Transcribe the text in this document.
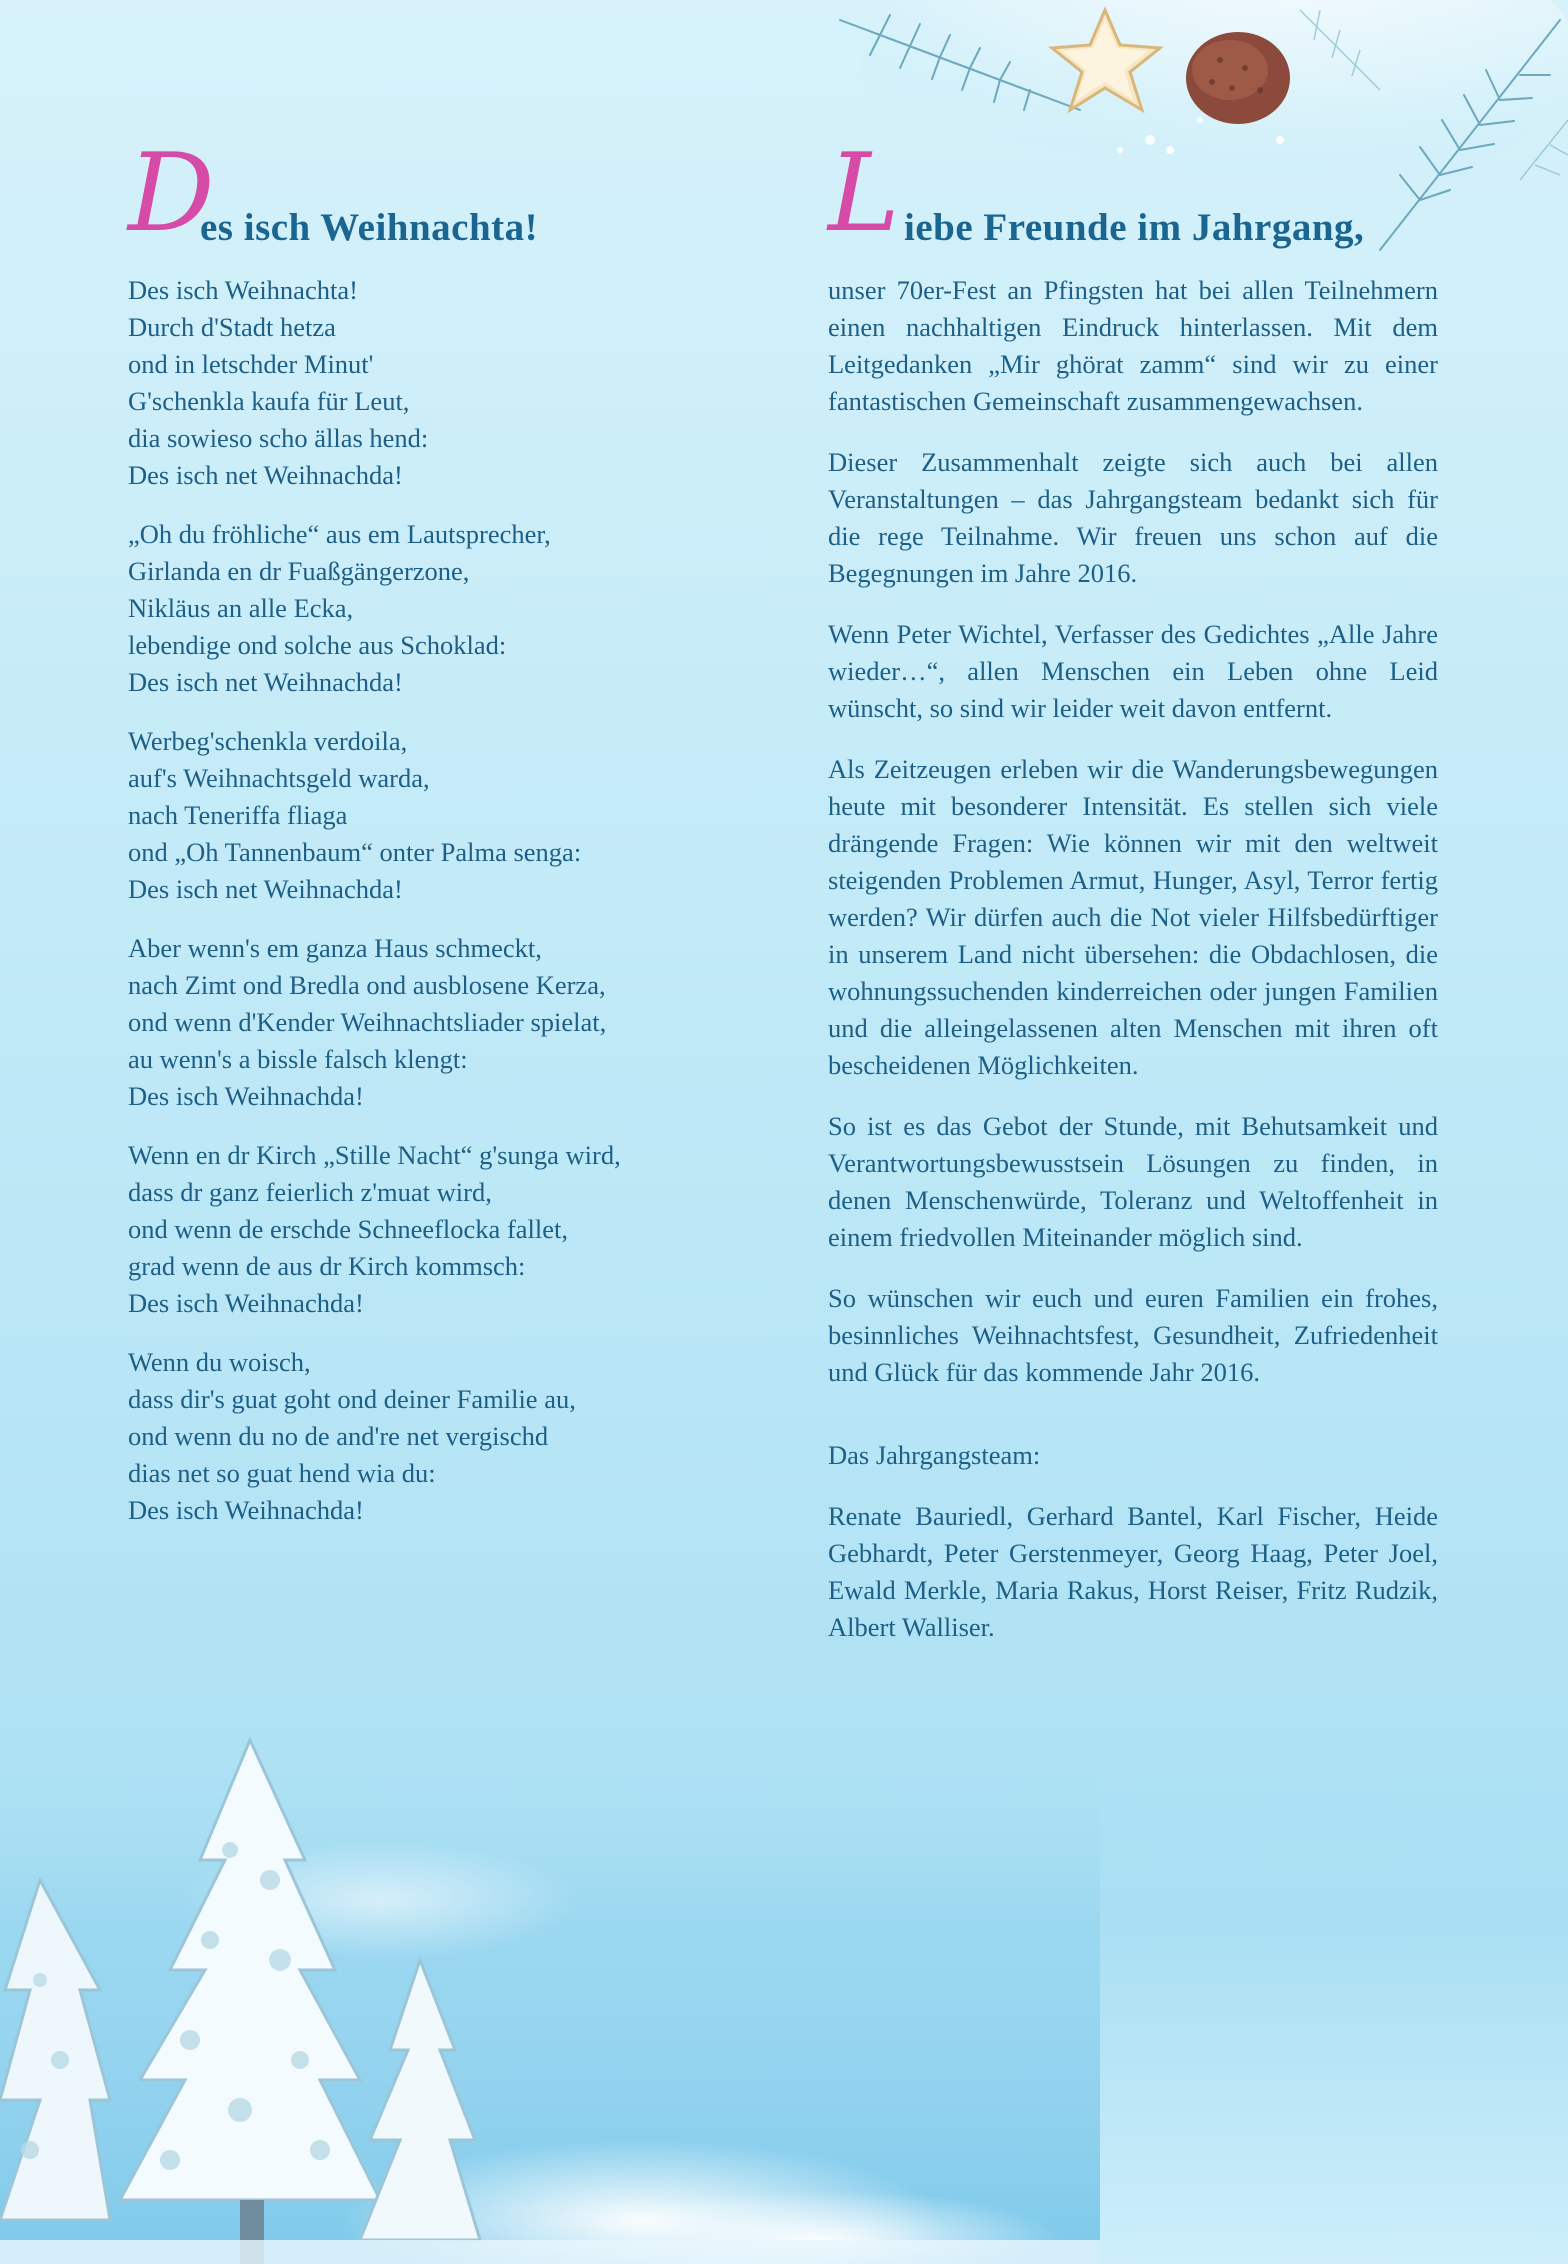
D
es isch Weihnachta!
Des isch Weihnachta!
Durch d'Stadt hetza
ond in letschder Minut'
G'schenkla kaufa für Leut,
dia sowieso scho ällas hend:
Des isch net Weihnachda!
„Oh du fröhliche“ aus em Lautsprecher,
Girlanda en dr Fuaßgängerzone,
Nikläus an alle Ecka,
lebendige ond solche aus Schoklad:
Des isch net Weihnachda!
Werbeg'schenkla verdoila,
auf's Weihnachtsgeld warda,
nach Teneriffa fliaga
ond „Oh Tannenbaum“ onter Palma senga:
Des isch net Weihnachda!
Aber wenn's em ganza Haus schmeckt,
nach Zimt ond Bredla ond ausblosene Kerza,
ond wenn d'Kender Weihnachtsliader spielat,
au wenn's a bissle falsch klengt:
Des isch Weihnachda!
Wenn en dr Kirch „Stille Nacht“ g'sunga wird,
dass dr ganz feierlich z'muat wird,
ond wenn de erschde Schneeflocka fallet,
grad wenn de aus dr Kirch kommsch:
Des isch Weihnachda!
Wenn du woisch,
dass dir's guat goht ond deiner Familie au,
ond wenn du no de and're net vergischd
dias net so guat hend wia du:
Des isch Weihnachda!
L iebe Freunde im Jahrgang,

unser 70er-Fest an Pfingsten hat bei allen Teilnehmern einen nachhaltigen Eindruck hinterlassen. Mit dem Leitgedanken „Mir ghörat zamm“ sind wir zu einer fantastischen Gemeinschaft zusammengewachsen.

Dieser Zusammenhalt zeigte sich auch bei allen Veranstaltungen – das Jahrgangsteam bedankt sich für die rege Teilnahme. Wir freuen uns schon auf die Begegnungen im Jahre 2016.

Wenn Peter Wichtel, Verfasser des Gedichtes „Alle Jahre wieder…“, allen Menschen ein Leben ohne Leid wünscht, so sind wir leider weit davon entfernt.

Als Zeitzeugen erleben wir die Wanderungsbewegungen heute mit besonderer Intensität. Es stellen sich viele drängende Fragen: Wie können wir mit den weltweit steigenden Problemen Armut, Hunger, Asyl, Terror fertig werden? Wir dürfen auch die Not vieler Hilfsbedürftiger in unserem Land nicht übersehen: die Obdachlosen, die wohnungssuchenden kinderreichen oder jungen Familien und die alleingelassenen alten Menschen mit ihren oft bescheidenen Möglichkeiten.

So ist es das Gebot der Stunde, mit Behutsamkeit und Verantwortungsbewusstsein Lösungen zu finden, in denen Menschenwürde, Toleranz und Weltoffenheit in einem friedvollen Miteinander möglich sind.

So wünschen wir euch und euren Familien ein frohes, besinnliches Weihnachtsfest, Gesundheit, Zufriedenheit und Glück für das kommende Jahr 2016.

Das Jahrgangsteam:

Renate Bauriedl, Gerhard Bantel, Karl Fischer, Heide Gebhardt, Peter Gerstenmeyer, Georg Haag, Peter Joel, Ewald Merkle, Maria Rakus, Horst Reiser, Fritz Rudzik, Albert Walliser.
